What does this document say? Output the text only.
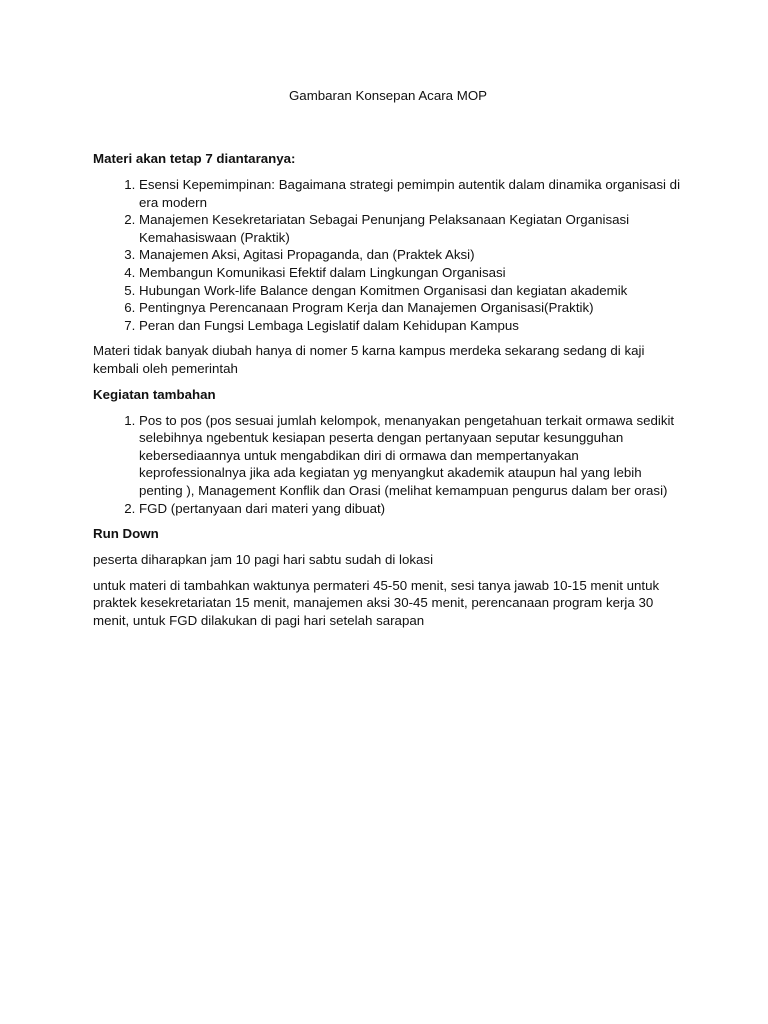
Gambaran Konsepan Acara MOP
Materi akan tetap 7 diantaranya:
1. Esensi Kepemimpinan: Bagaimana strategi pemimpin autentik dalam dinamika organisasi di era modern
2. Manajemen Kesekretariatan Sebagai Penunjang Pelaksanaan Kegiatan Organisasi Kemahasiswaan (Praktik)
3. Manajemen Aksi, Agitasi Propaganda, dan (Praktek Aksi)
4. Membangun Komunikasi Efektif dalam Lingkungan Organisasi
5. Hubungan Work-life Balance dengan Komitmen Organisasi dan kegiatan akademik
6. Pentingnya Perencanaan Program Kerja dan Manajemen Organisasi(Praktik)
7. Peran dan Fungsi Lembaga Legislatif dalam Kehidupan Kampus
Materi tidak banyak diubah hanya di nomer 5 karna kampus merdeka sekarang sedang di kaji kembali oleh pemerintah
Kegiatan tambahan
1. Pos to pos (pos sesuai jumlah kelompok, menanyakan pengetahuan terkait ormawa sedikit selebihnya ngebentuk kesiapan peserta dengan pertanyaan seputar kesungguhan kebersediaannya untuk mengabdikan diri di ormawa dan mempertanyakan keprofessionalnya jika ada kegiatan yg menyangkut akademik ataupun hal yang lebih penting ), Management Konflik dan Orasi (melihat kemampuan pengurus dalam ber orasi)
2. FGD (pertanyaan dari materi yang dibuat)
Run Down
peserta diharapkan jam 10 pagi hari sabtu sudah di lokasi
untuk materi di tambahkan waktunya permateri 45-50 menit, sesi tanya jawab 10-15 menit untuk praktek kesekretariatan 15 menit, manajemen aksi 30-45 menit, perencanaan program kerja 30 menit, untuk FGD dilakukan di pagi hari setelah sarapan
